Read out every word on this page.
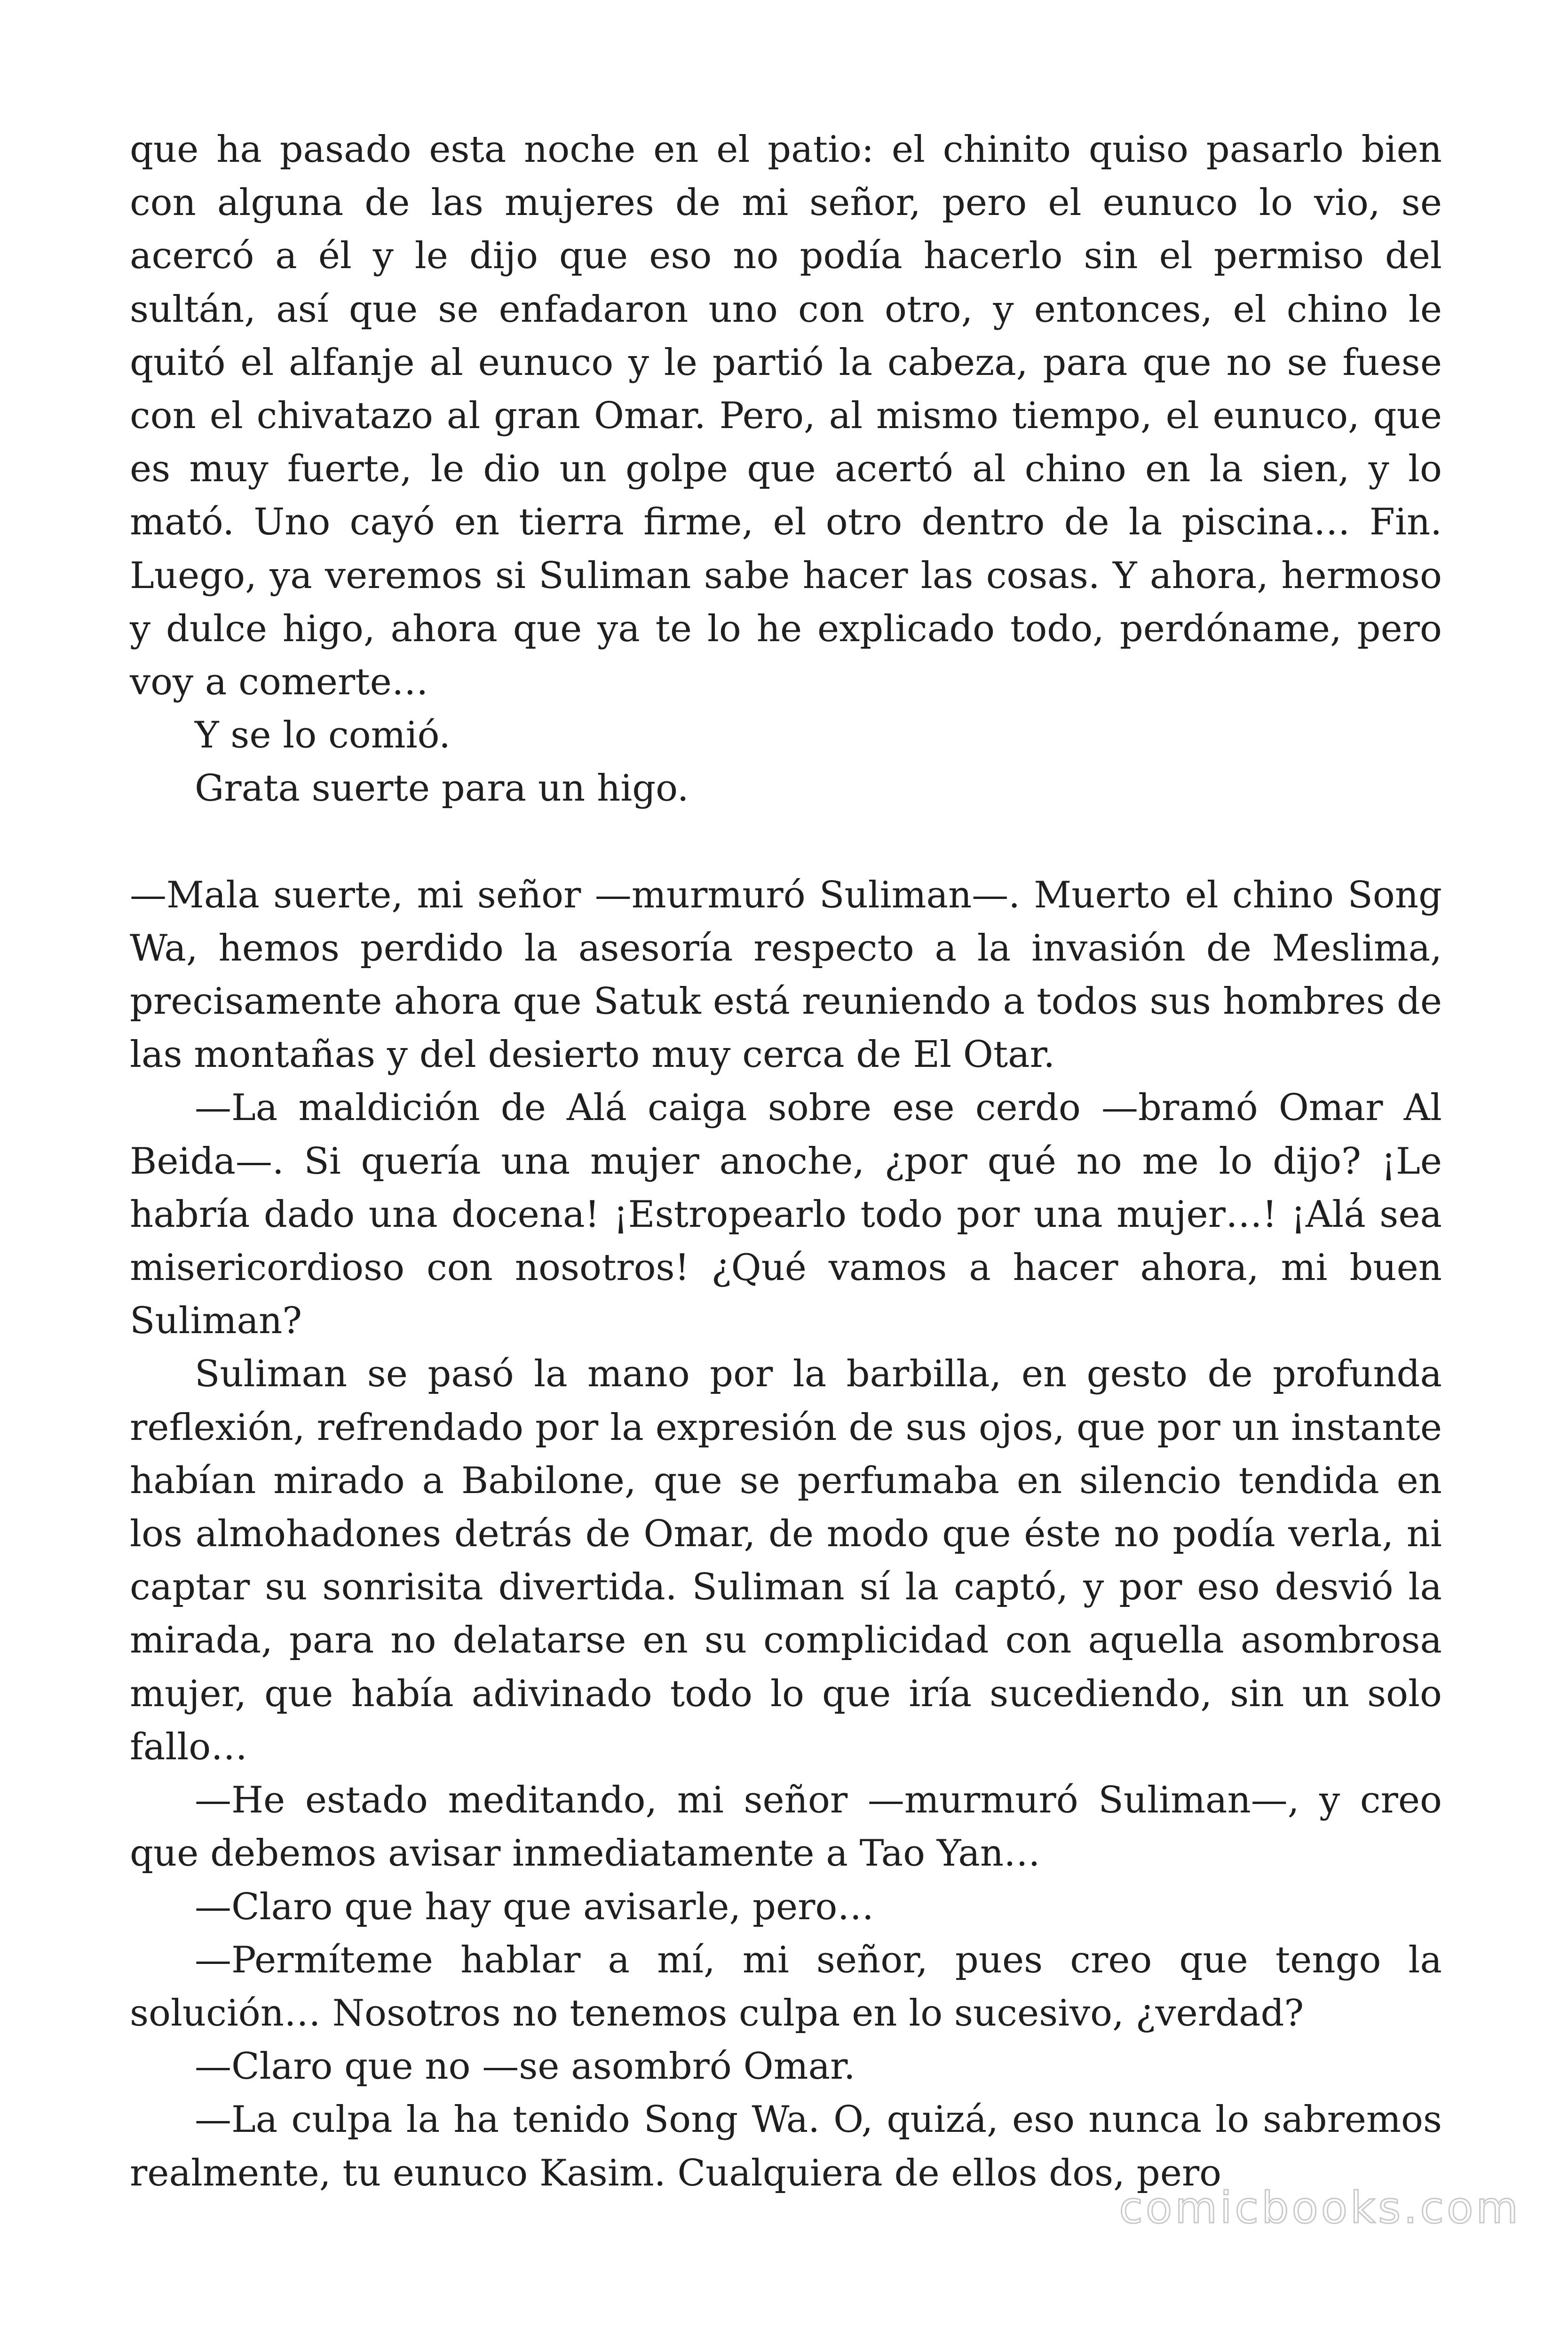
que ha pasado esta noche en el patio: el chinito quiso pasarlo bien con alguna de las mujeres de mi señor, pero el eunuco lo vio, se acercó a él y le dijo que eso no podía hacerlo sin el permiso del sultán, así que se enfadaron uno con otro, y entonces, el chino le quitó el alfanje al eunuco y le partió la cabeza, para que no se fuese con el chivatazo al gran Omar. Pero, al mismo tiempo, el eunuco, que es muy fuerte, le dio un golpe que acertó al chino en la sien, y lo mató. Uno cayó en tierra firme, el otro dentro de la piscina… Fin. Luego, ya veremos si Suliman sabe hacer las cosas. Y ahora, hermoso y dulce higo, ahora que ya te lo he explicado todo, perdóname, pero voy a comerte…

Y se lo comió.

Grata suerte para un higo.

—Mala suerte, mi señor —murmuró Suliman—. Muerto el chino Song Wa, hemos perdido la asesoría respecto a la invasión de Meslima, precisamente ahora que Satuk está reuniendo a todos sus hombres de las montañas y del desierto muy cerca de El Otar.

—La maldición de Alá caiga sobre ese cerdo —bramó Omar Al Beida—. Si quería una mujer anoche, ¿por qué no me lo dijo? ¡Le habría dado una docena! ¡Estropearlo todo por una mujer…! ¡Alá sea misericordioso con nosotros! ¿Qué vamos a hacer ahora, mi buen Suliman?

Suliman se pasó la mano por la barbilla, en gesto de profunda reflexión, refrendado por la expresión de sus ojos, que por un instante habían mirado a Babilone, que se perfumaba en silencio tendida en los almohadones detrás de Omar, de modo que éste no podía verla, ni captar su sonrisita divertida. Suliman sí la captó, y por eso desvió la mirada, para no delatarse en su complicidad con aquella asombrosa mujer, que había adivinado todo lo que iría sucediendo, sin un solo fallo…

—He estado meditando, mi señor —murmuró Suliman—, y creo que debemos avisar inmediatamente a Tao Yan…

—Claro que hay que avisarle, pero…

—Permíteme hablar a mí, mi señor, pues creo que tengo la solución… Nosotros no tenemos culpa en lo sucesivo, ¿verdad?

—Claro que no —se asombró Omar.

—La culpa la ha tenido Song Wa. O, quizá, eso nunca lo sabremos realmente, tu eunuco Kasim. Cualquiera de ellos dos, pero

comicbooks.com
